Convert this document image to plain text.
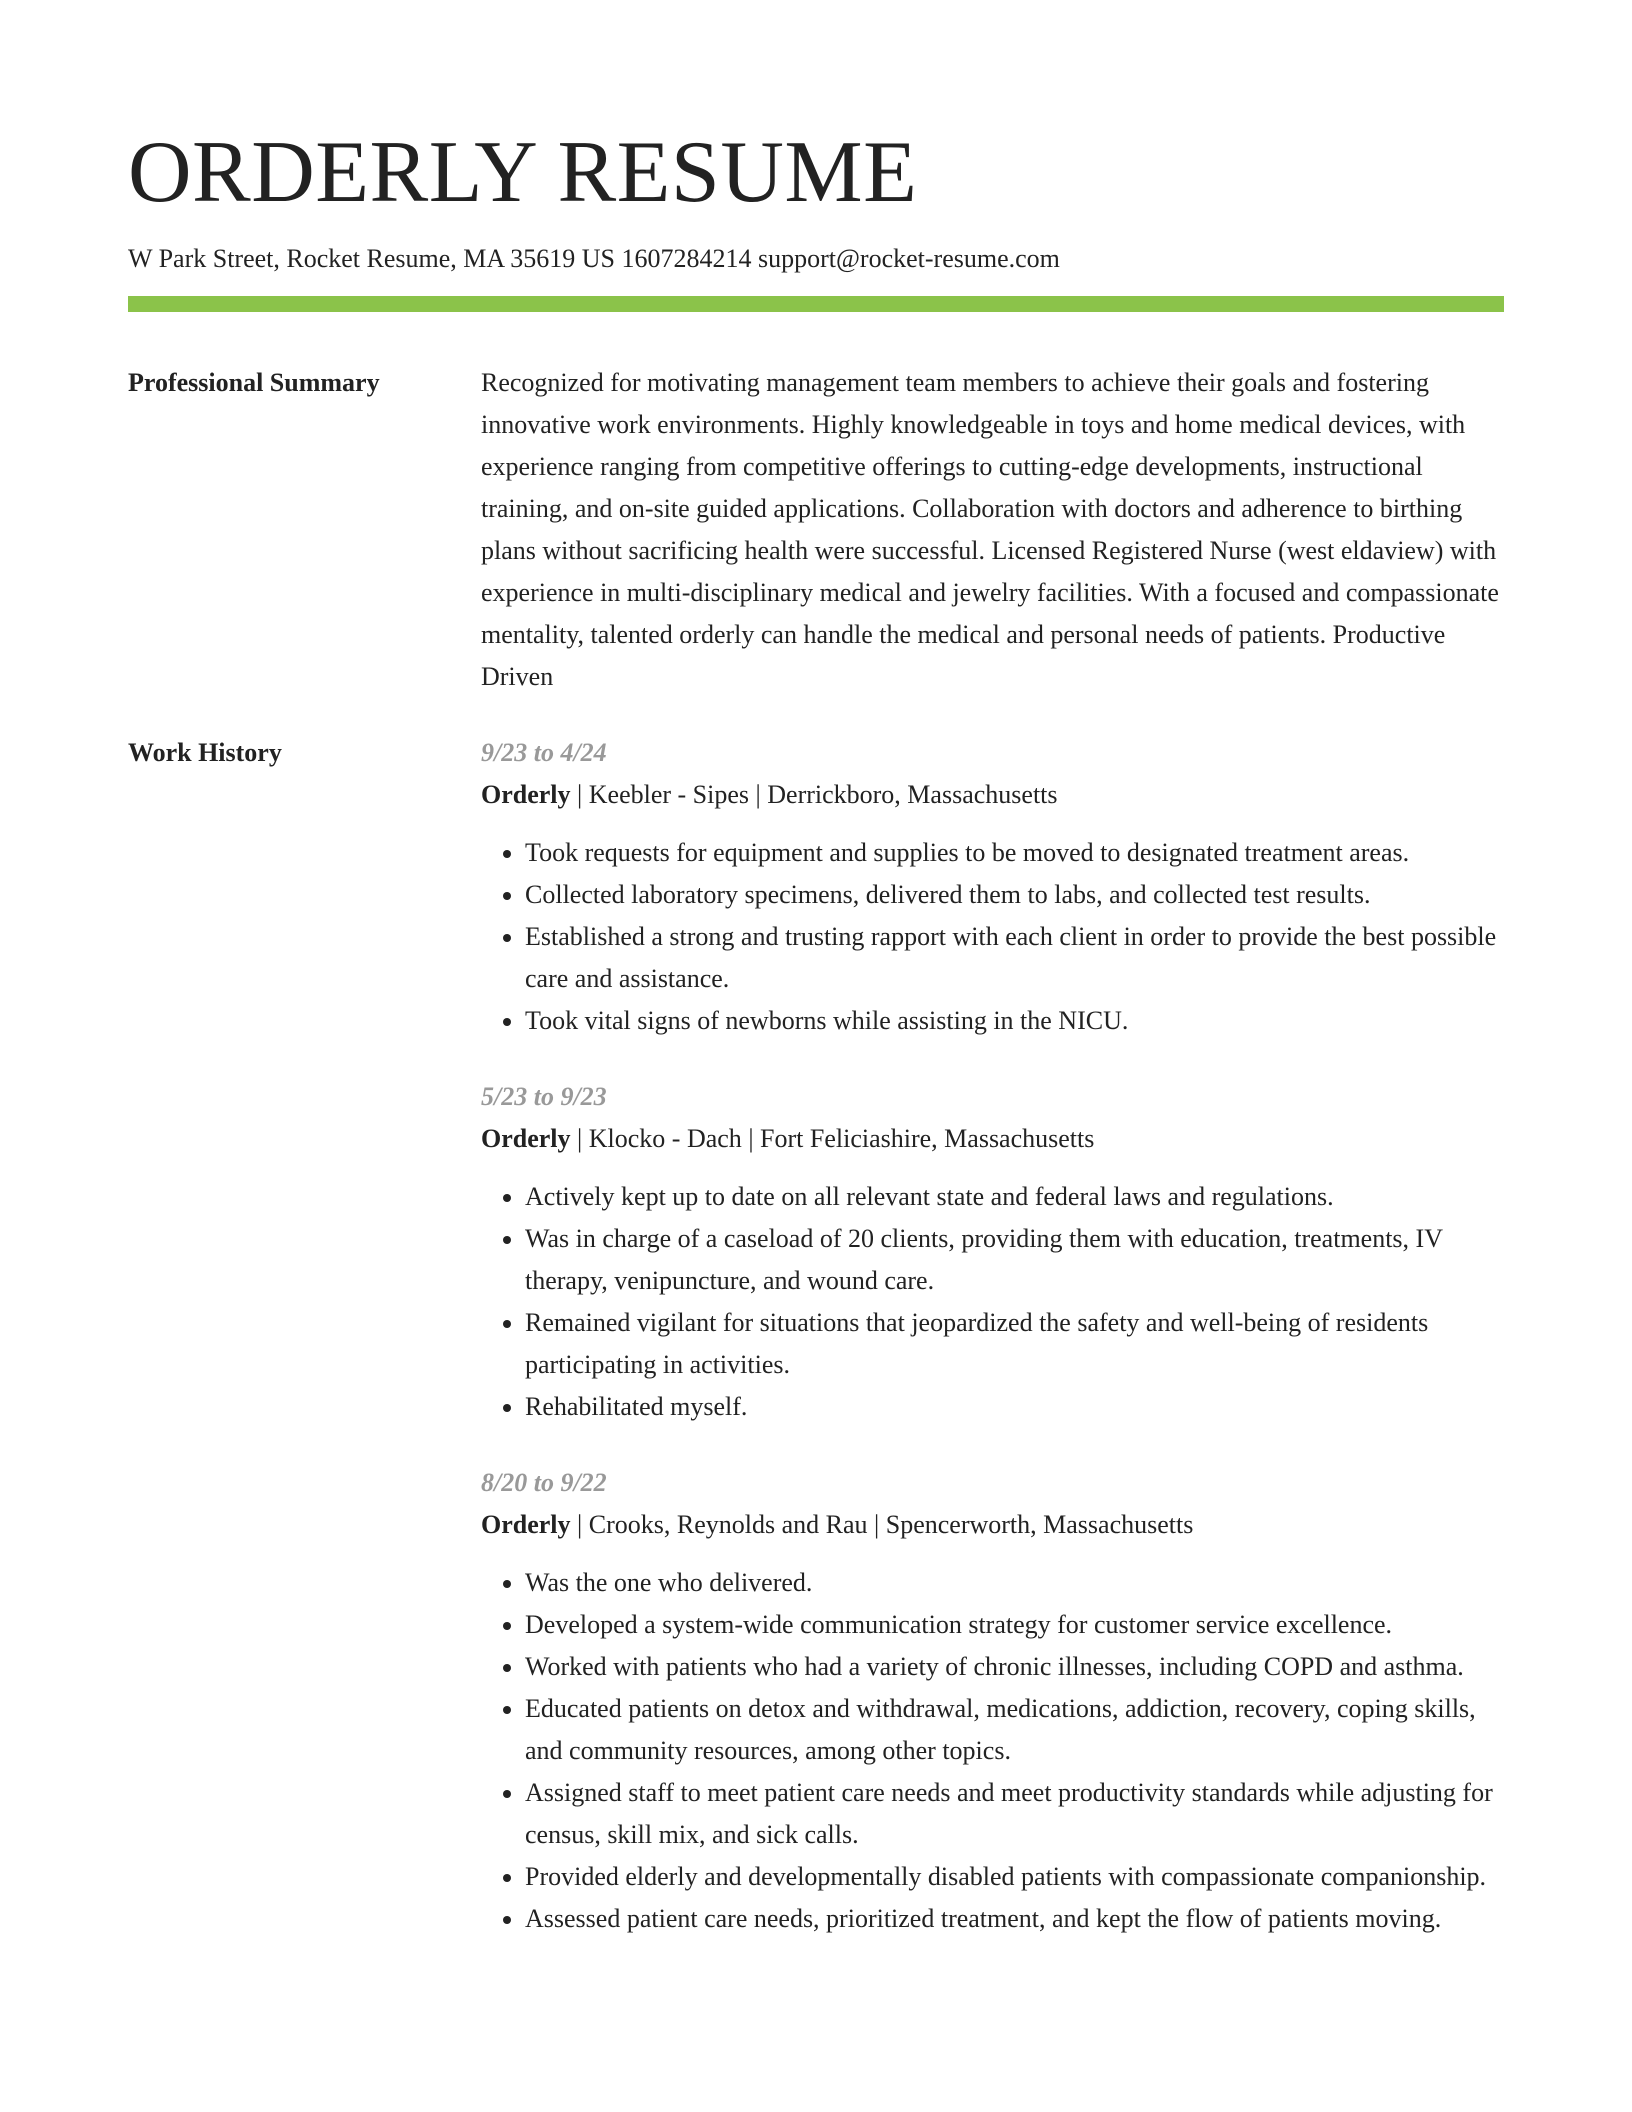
ORDERLY RESUME
W Park Street, Rocket Resume, MA 35619 US 1607284214 support@rocket-resume.com
Professional Summary	Recognized for motivating management team members to achieve their goals and fostering innovative work environments. Highly knowledgeable in toys and home medical devices, with experience ranging from competitive offerings to cutting-edge developments, instructional training, and on-site guided applications. Collaboration with doctors and adherence to birthing plans without sacrificing health were successful. Licensed Registered Nurse (west eldaview) with experience in multi-disciplinary medical and jewelry facilities. With a focused and compassionate mentality, talented orderly can handle the medical and personal needs of patients. Productive Driven

Work History	9/23 to 4/24
Orderly | Keebler - Sipes | Derrickboro, Massachusetts
• Took requests for equipment and supplies to be moved to designated treatment areas.
• Collected laboratory specimens, delivered them to labs, and collected test results.
• Established a strong and trusting rapport with each client in order to provide the best possible care and assistance.
• Took vital signs of newborns while assisting in the NICU.
5/23 to 9/23
Orderly | Klocko - Dach | Fort Feliciashire, Massachusetts
• Actively kept up to date on all relevant state and federal laws and regulations.
• Was in charge of a caseload of 20 clients, providing them with education, treatments, IV therapy, venipuncture, and wound care.
• Remained vigilant for situations that jeopardized the safety and well-being of residents participating in activities.
• Rehabilitated myself.
8/20 to 9/22
Orderly | Crooks, Reynolds and Rau | Spencerworth, Massachusetts
• Was the one who delivered.
• Developed a system-wide communication strategy for customer service excellence.
• Worked with patients who had a variety of chronic illnesses, including COPD and asthma.
• Educated patients on detox and withdrawal, medications, addiction, recovery, coping skills, and community resources, among other topics.
• Assigned staff to meet patient care needs and meet productivity standards while adjusting for census, skill mix, and sick calls.
• Provided elderly and developmentally disabled patients with compassionate companionship.
• Assessed patient care needs, prioritized treatment, and kept the flow of patients moving.
